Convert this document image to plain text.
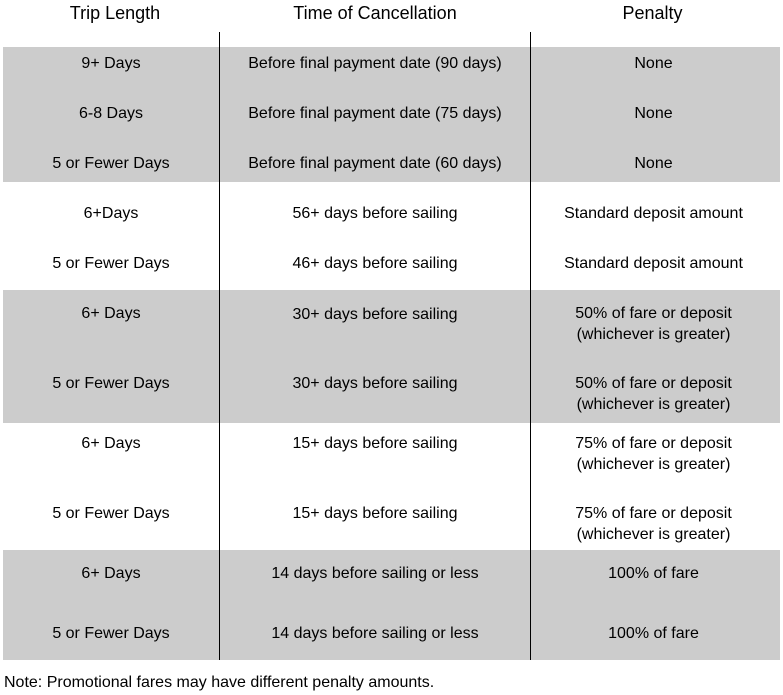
Trip Length	Time of Cancellation	Penalty
9+ Days	Before final payment date (90 days)	None
6-8 Days	Before final payment date (75 days)	None
5 or Fewer Days	Before final payment date (60 days)	None
6+Days	56+ days before sailing	Standard deposit amount
5 or Fewer Days	46+ days before sailing	Standard deposit amount
6+ Days	30+ days before sailing	50% of fare or deposit
(whichever is greater)
5 or Fewer Days	30+ days before sailing	50% of fare or deposit
(whichever is greater)
6+ Days	15+ days before sailing	75% of fare or deposit
(whichever is greater)
5 or Fewer Days	15+ days before sailing	75% of fare or deposit
(whichever is greater)
6+ Days	14 days before sailing or less	100% of fare
5 or Fewer Days	14 days before sailing or less	100% of fare
Note: Promotional fares may have different penalty amounts.
